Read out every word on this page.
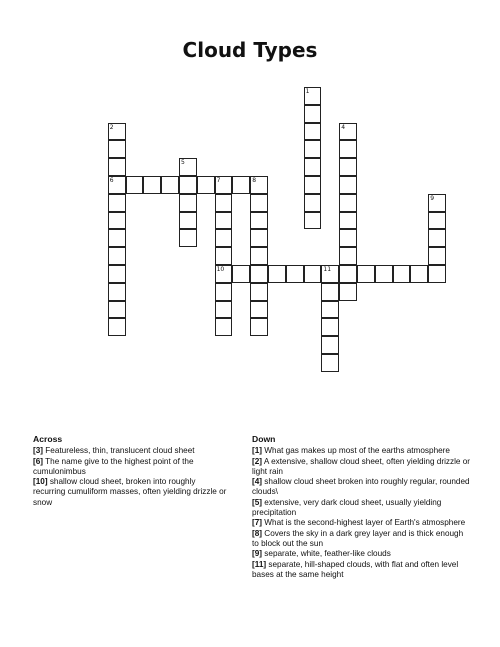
Cloud Types
1
2
6
4
5
7	8
10
9
11
Across

[3] Featureless, thin, translucent cloud sheet

[6] The name give to the highest point of the cumulonimbus

[10] shallow cloud sheet, broken into roughly recurring cumuliform masses, often yielding drizzle or snow

Down

[1] What gas makes up most of the earths atmosphere

[2] A extensive, shallow cloud sheet, often yielding drizzle or light rain

[4] shallow cloud sheet broken into roughly regular, rounded clouds\

[5] extensive, very dark cloud sheet, usually yielding precipitation

[7] What is the second-highest layer of Earth's atmosphere

[8] Covers the sky in a dark grey layer and is thick enough to block out the sun

[9] separate, white, feather-like clouds

[11] separate, hill-shaped clouds, with flat and often level bases at the same height
